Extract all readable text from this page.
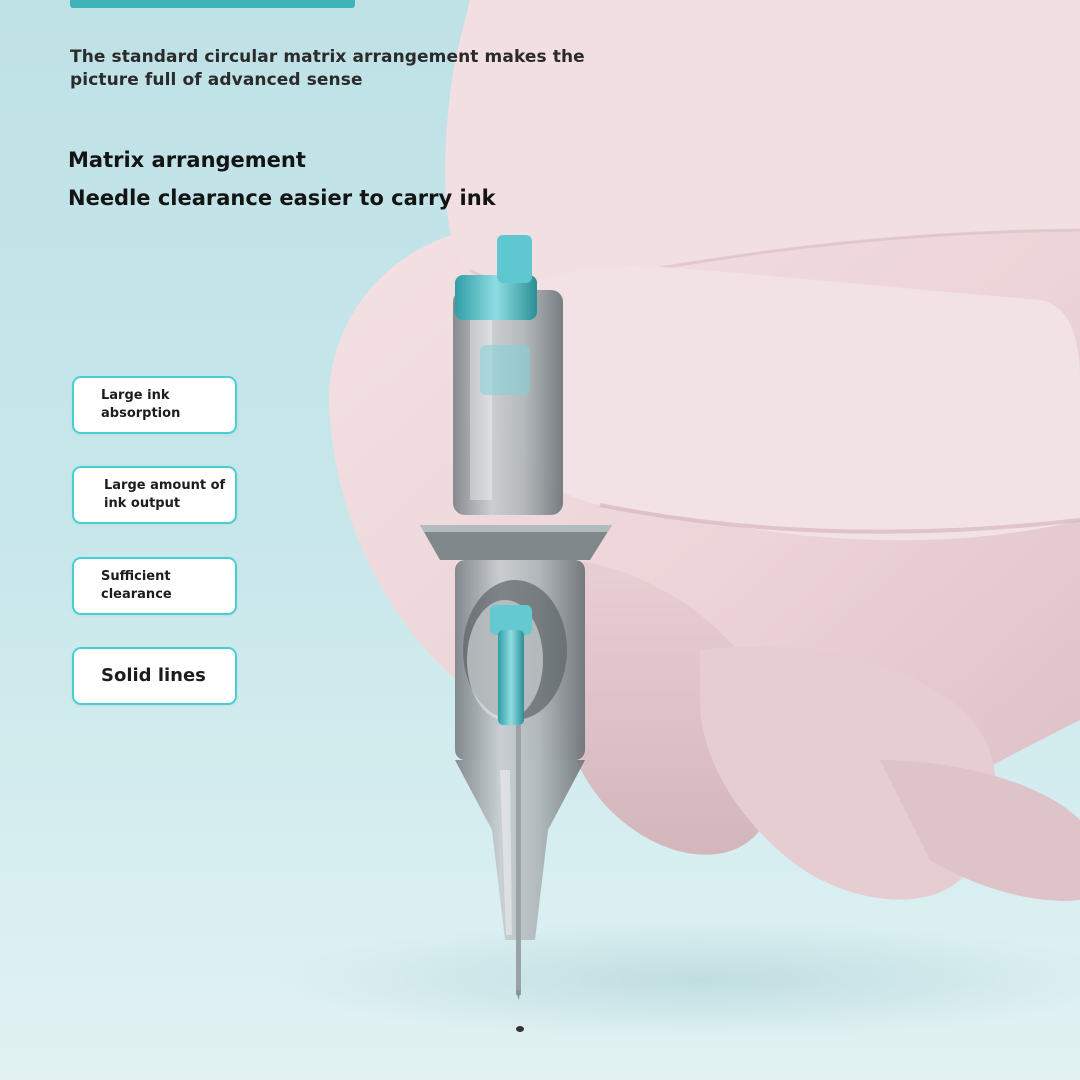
The standard circular matrix arrangement makes the picture full of advanced sense

Matrix arrangement
Needle clearance easier to carry ink
Large ink absorption
Large amount of ink output
Sufficient clearance
Solid lines
